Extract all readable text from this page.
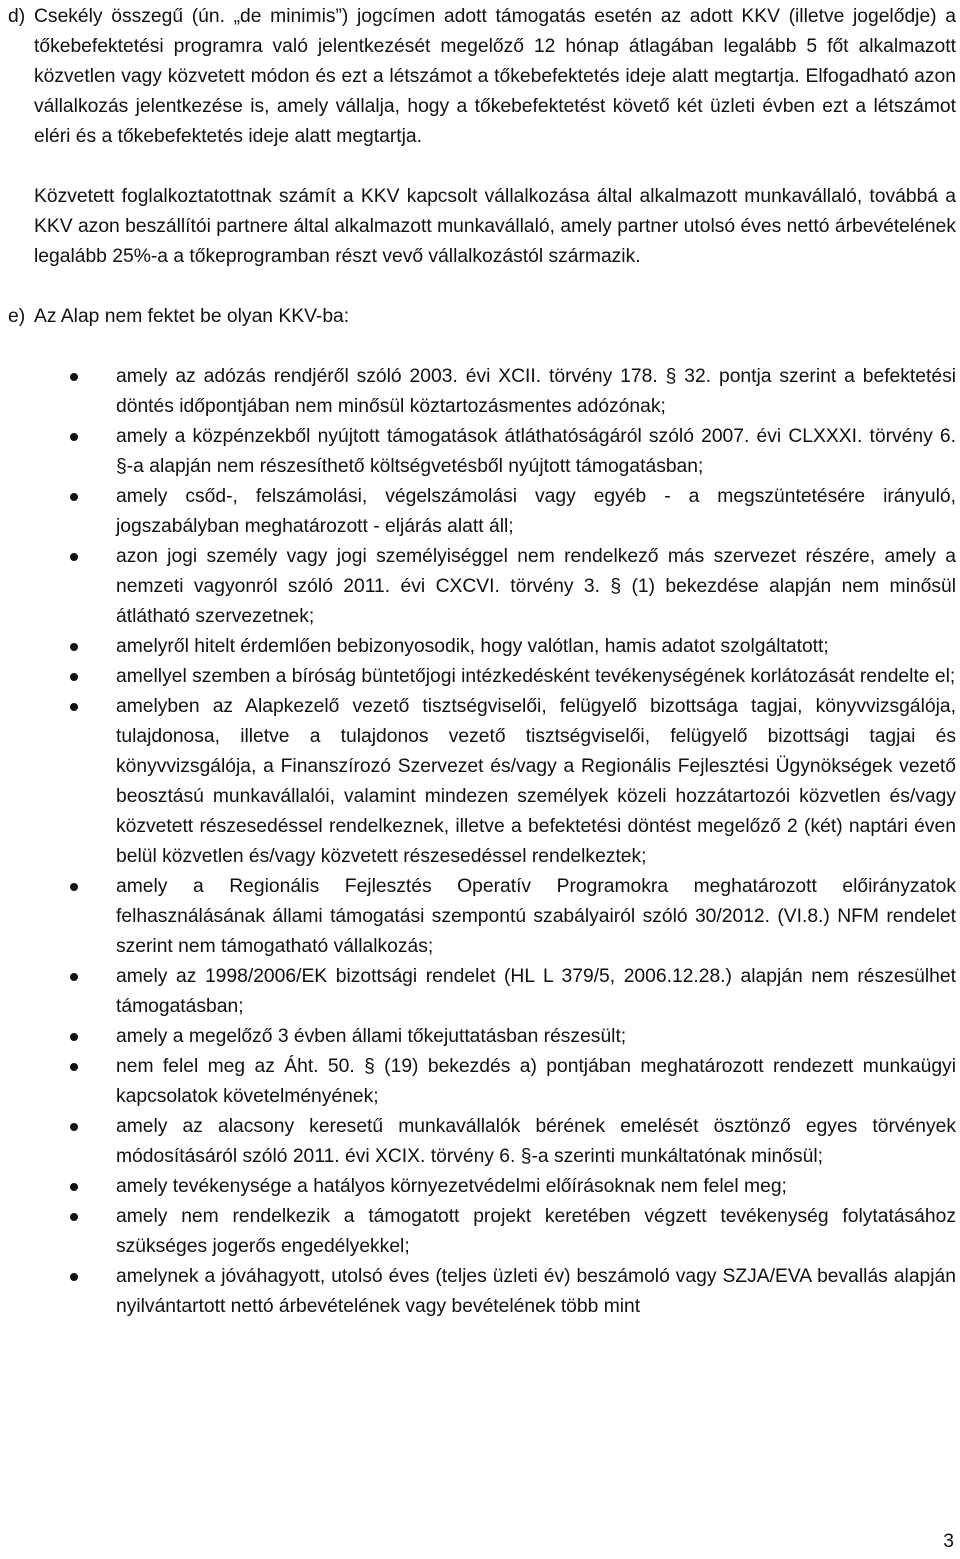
d) Csekély összegű (ún. „de minimis”) jogcímen adott támogatás esetén az adott KKV (illetve jogelődje) a tőkebefektetési programra való jelentkezését megelőző 12 hónap átlagában legalább 5 főt alkalmazott közvetlen vagy közvetett módon és ezt a létszámot a tőkebefektetés ideje alatt megtartja. Elfogadható azon vállalkozás jelentkezése is, amely vállalja, hogy a tőkebefektetést követő két üzleti évben ezt a létszámot eléri és a tőkebefektetés ideje alatt megtartja.

Közvetett foglalkoztatottnak számít a KKV kapcsolt vállalkozása által alkalmazott munkavállaló, továbbá a KKV azon beszállítói partnere által alkalmazott munkavállaló, amely partner utolsó éves nettó árbevételének legalább 25%-a a tőkeprogramban részt vevő vállalkozástól származik.

e) Az Alap nem fektet be olyan KKV-ba:
amely az adózás rendjéről szóló 2003. évi XCII. törvény 178. § 32. pontja szerint a befektetési döntés időpontjában nem minősül köztartozásmentes adózónak;
amely a közpénzekből nyújtott támogatások átláthatóságáról szóló 2007. évi CLXXXI. törvény 6. §-a alapján nem részesíthető költségvetésből nyújtott támogatásban;
amely csőd-, felszámolási, végelszámolási vagy egyéb - a megszüntetésére irányuló, jogszabályban meghatározott - eljárás alatt áll;
azon jogi személy vagy jogi személyiséggel nem rendelkező más szervezet részére, amely a nemzeti vagyonról szóló 2011. évi CXCVI. törvény 3. § (1) bekezdése alapján nem minősül átlátható szervezetnek;
amelyről hitelt érdemlően bebizonyosodik, hogy valótlan, hamis adatot szolgáltatott;
amellyel szemben a bíróság büntetőjogi intézkedésként tevékenységének korlátozását rendelte el;
amelyben az Alapkezelő vezető tisztségviselői, felügyelő bizottsága tagjai, könyvvizsgálója, tulajdonosa, illetve a tulajdonos vezető tisztségviselői, felügyelő bizottsági tagjai és könyvvizsgálója, a Finanszírozó Szervezet és/vagy a Regionális Fejlesztési Ügynökségek vezető beosztású munkavállalói, valamint mindezen személyek közeli hozzátartozói közvetlen és/vagy közvetett részesedéssel rendelkeznek, illetve a befektetési döntést megelőző 2 (két) naptári éven belül közvetlen és/vagy közvetett részesedéssel rendelkeztek;
amely a Regionális Fejlesztés Operatív Programokra meghatározott előirányzatok felhasználásának állami támogatási szempontú szabályairól szóló 30/2012. (VI.8.) NFM rendelet szerint nem támogatható vállalkozás;
amely az 1998/2006/EK bizottsági rendelet (HL L 379/5, 2006.12.28.) alapján nem részesülhet támogatásban;
amely a megelőző 3 évben állami tőkejuttatásban részesült;
nem felel meg az Áht. 50. § (19) bekezdés a) pontjában meghatározott rendezett munkaügyi kapcsolatok követelményének;
amely az alacsony keresetű munkavállalók bérének emelését ösztönző egyes törvények módosításáról szóló 2011. évi XCIX. törvény 6. §-a szerinti munkáltatónak minősül;
amely tevékenysége a hatályos környezetvédelmi előírásoknak nem felel meg;
amely nem rendelkezik a támogatott projekt keretében végzett tevékenység folytatásához szükséges jogerős engedélyekkel;
amelynek a jóváhagyott, utolsó éves (teljes üzleti év) beszámoló vagy SZJA/EVA bevallás alapján nyilvántartott nettó árbevételének vagy bevételének több mint
3
